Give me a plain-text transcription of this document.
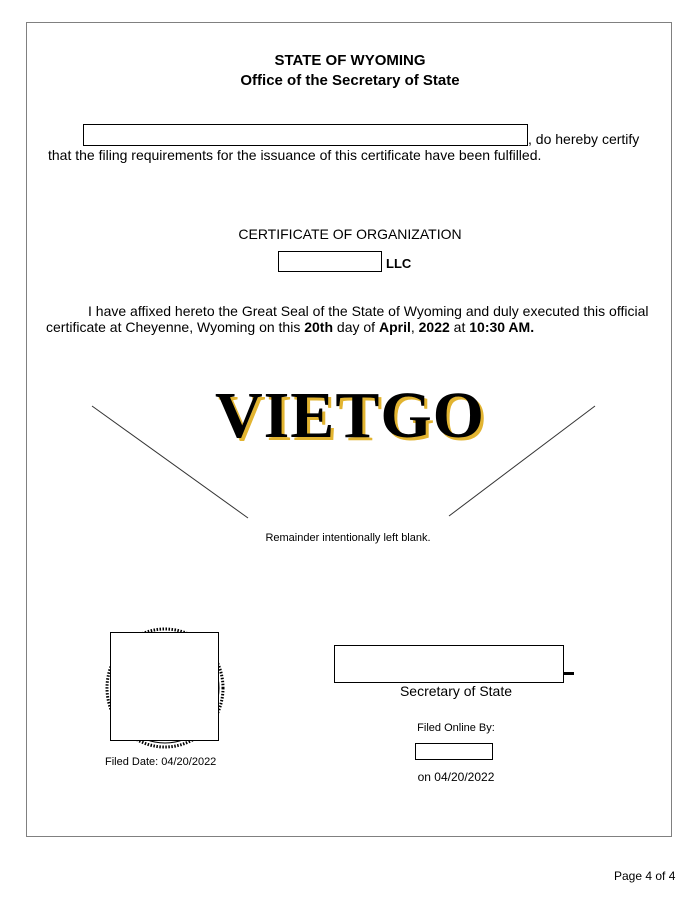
STATE OF WYOMING
Office of the Secretary of State
, do hereby certify
that the filing requirements for the issuance of this certificate have been fulfilled.
CERTIFICATE OF ORGANIZATION
LLC
I have affixed hereto the Great Seal of the State of Wyoming and duly executed this official
certificate at Cheyenne, Wyoming on this 20th day of April, 2022 at 10:30 AM.
VIETGO
Remainder intentionally left blank.
Filed Date: 04/20/2022
Secretary of State
Filed Online By:
on 04/20/2022
Page 4 of 4
